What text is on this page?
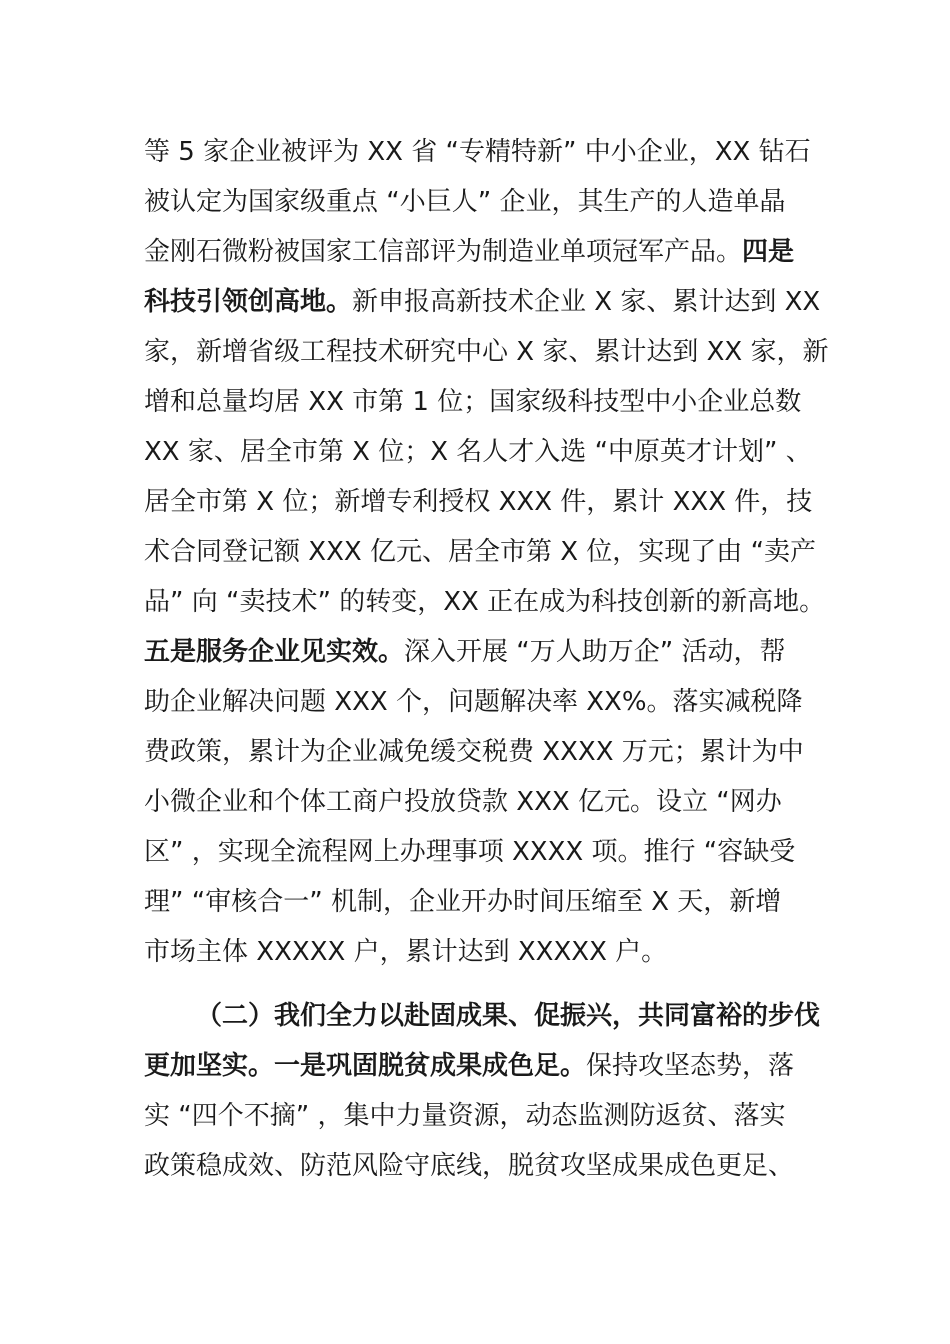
等 5 家企业被评为 XX 省 “专精特新” 中小企业，XX 钻石
被认定为国家级重点 “小巨人” 企业，其生产的人造单晶
金刚石微粉被国家工信部评为制造业单项冠军产品。四是
科技引领创高地。新申报高新技术企业 X 家、累计达到 XX
家，新增省级工程技术研究中心 X 家、累计达到 XX 家，新
增和总量均居 XX 市第 1 位；国家级科技型中小企业总数
XX 家、居全市第 X 位；X 名人才入选 “中原英才计划” 、
居全市第 X 位；新增专利授权 XXX 件，累计 XXX 件，技
术合同登记额 XXX 亿元、居全市第 X 位，实现了由 “卖产
品” 向 “卖技术” 的转变，XX 正在成为科技创新的新高地。
五是服务企业见实效。深入开展 “万人助万企” 活动，帮
助企业解决问题 XXX 个，问题解决率 XX%。落实减税降
费政策，累计为企业减免缓交税费 XXXX 万元；累计为中
小微企业和个体工商户投放贷款 XXX 亿元。设立 “网办
区” ，实现全流程网上办理事项 XXXX 项。推行 “容缺受
理” “审核合一” 机制，企业开办时间压缩至 X 天，新增
市场主体 XXXXX 户，累计达到 XXXXX 户。
（二）我们全力以赴固成果、促振兴，共同富裕的步伐
更加坚实。一是巩固脱贫成果成色足。保持攻坚态势，落
实 “四个不摘” ，集中力量资源，动态监测防返贫、落实
政策稳成效、防范风险守底线，脱贫攻坚成果成色更足、
